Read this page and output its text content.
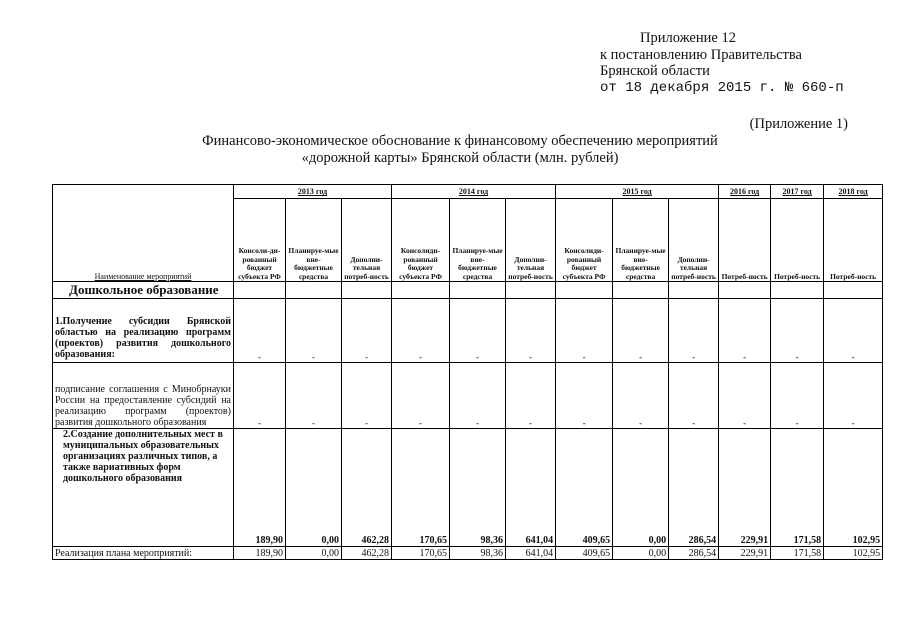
Приложение 12
к постановлению Правительства
Брянской области
от 18 декабря 2015 г. № 660-п
(Приложение 1)
Финансово-экономическое обоснование к финансовому обеспечению мероприятий
«дорожной карты» Брянской области (млн. рублей)
Наименование мероприятий	2013 год			2014 год			2015 год			2016 год	2017 год	2018 год
	Консоли-ди-рованный бюджет субъекта РФ	Планируе-мые вне-бюджетные средства	Дополни-тельная потреб-ность	Консолиди-рованный бюджет субъекта РФ	Планируе-мые вне-бюджетные средства	Дополни-тельная потреб-ность	Консолиди-рованный бюджет субъекта РФ	Планируе-мые вне-бюджетные средства	Дополни-тельная потреб-ность	Потреб-ность	Потреб-ность	Потреб-ность
Дошкольное образование												
1.Получение субсидии Брянской областью на реализацию программ (проектов) развития дошкольного образования:	-	-	-	-	-	-	-	-	-	-	-	-
подписание соглашения с Минобрнауки России на предоставление субсидий на реализацию программ (проектов) развития дошкольного образования	-	-	-	-	-	-	-	-	-	-	-	-
2.Создание дополнительных мест в муниципальных образовательных организациях различных типов, а также вариативных форм дошкольного образования	189,90	0,00	462,28	170,65	98,36	641,04	409,65	0,00	286,54	229,91	171,58	102,95
Реализация плана мероприятий:	189,90	0,00	462,28	170,65	98,36	641,04	409,65	0,00	286,54	229,91	171,58	102,95
